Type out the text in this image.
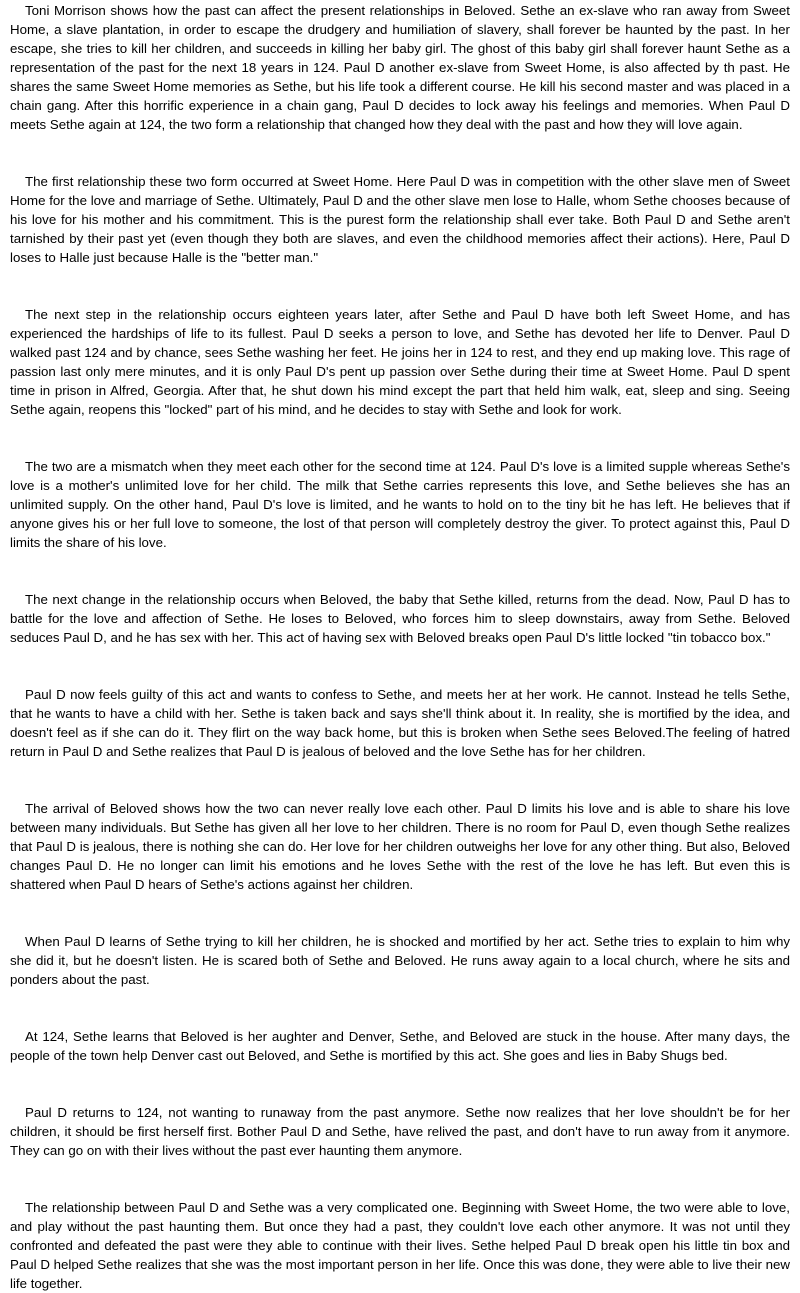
Toni Morrison shows how the past can affect the present relationships in Beloved. Sethe an ex-slave who ran away from Sweet Home, a slave plantation, in order to escape the drudgery and humiliation of slavery, shall forever be haunted by the past. In her escape, she tries to kill her children, and succeeds in killing her baby girl. The ghost of this baby girl shall forever haunt Sethe as a representation of the past for the next 18 years in 124. Paul D another ex-slave from Sweet Home, is also affected by th past. He shares the same Sweet Home memories as Sethe, but his life took a different course. He kill his second master and was placed in a chain gang. After this horrific experience in a chain gang, Paul D decides to lock away his feelings and memories. When Paul D meets Sethe again at 124, the two form a relationship that changed how they deal with the past and how they will love again.

The first relationship these two form occurred at Sweet Home. Here Paul D was in competition with the other slave men of Sweet Home for the love and marriage of Sethe. Ultimately, Paul D and the other slave men lose to Halle, whom Sethe chooses because of his love for his mother and his commitment. This is the purest form the relationship shall ever take. Both Paul D and Sethe aren't tarnished by their past yet (even though they both are slaves, and even the childhood memories affect their actions). Here, Paul D loses to Halle just because Halle is the "better man."

The next step in the relationship occurs eighteen years later, after Sethe and Paul D have both left Sweet Home, and has experienced the hardships of life to its fullest. Paul D seeks a person to love, and Sethe has devoted her life to Denver. Paul D walked past 124 and by chance, sees Sethe washing her feet. He joins her in 124 to rest, and they end up making love. This rage of passion last only mere minutes, and it is only Paul D's pent up passion over Sethe during their time at Sweet Home. Paul D spent time in prison in Alfred, Georgia. After that, he shut down his mind except the part that held him walk, eat, sleep and sing. Seeing Sethe again, reopens this "locked" part of his mind, and he decides to stay with Sethe and look for work.

The two are a mismatch when they meet each other for the second time at 124. Paul D's love is a limited supple whereas Sethe's love is a mother's unlimited love for her child. The milk that Sethe carries represents this love, and Sethe believes she has an unlimited supply. On the other hand, Paul D's love is limited, and he wants to hold on to the tiny bit he has left. He believes that if anyone gives his or her full love to someone, the lost of that person will completely destroy the giver. To protect against this, Paul D limits the share of his love.

The next change in the relationship occurs when Beloved, the baby that Sethe killed, returns from the dead. Now, Paul D has to battle for the love and affection of Sethe. He loses to Beloved, who forces him to sleep downstairs, away from Sethe. Beloved seduces Paul D, and he has sex with her. This act of having sex with Beloved breaks open Paul D's little locked "tin tobacco box."

Paul D now feels guilty of this act and wants to confess to Sethe, and meets her at her work. He cannot. Instead he tells Sethe, that he wants to have a child with her. Sethe is taken back and says she'll think about it. In reality, she is mortified by the idea, and doesn't feel as if she can do it. They flirt on the way back home, but this is broken when Sethe sees Beloved.The feeling of hatred return in Paul D and Sethe realizes that Paul D is jealous of beloved and the love Sethe has for her children.

The arrival of Beloved shows how the two can never really love each other. Paul D limits his love and is able to share his love between many individuals. But Sethe has given all her love to her children. There is no room for Paul D, even though Sethe realizes that Paul D is jealous, there is nothing she can do. Her love for her children outweighs her love for any other thing. But also, Beloved changes Paul D. He no longer can limit his emotions and he loves Sethe with the rest of the love he has left. But even this is shattered when Paul D hears of Sethe's actions against her children.

When Paul D learns of Sethe trying to kill her children, he is shocked and mortified by her act. Sethe tries to explain to him why she did it, but he doesn't listen. He is scared both of Sethe and Beloved. He runs away again to a local church, where he sits and ponders about the past.

At 124, Sethe learns that Beloved is her aughter and Denver, Sethe, and Beloved are stuck in the house. After many days, the people of the town help Denver cast out Beloved, and Sethe is mortified by this act. She goes and lies in Baby Shugs bed.

Paul D returns to 124, not wanting to runaway from the past anymore. Sethe now realizes that her love shouldn't be for her children, it should be first herself first. Bother Paul D and Sethe, have relived the past, and don't have to run away from it anymore. They can go on with their lives without the past ever haunting them anymore.

The relationship between Paul D and Sethe was a very complicated one. Beginning with Sweet Home, the two were able to love, and play without the past haunting them. But once they had a past, they couldn't love each other anymore. It was not until they confronted and defeated the past were they able to continue with their lives. Sethe helped Paul D break open his little tin box and Paul D helped Sethe realizes that she was the most important person in her life. Once this was done, they were able to live their new life together.
